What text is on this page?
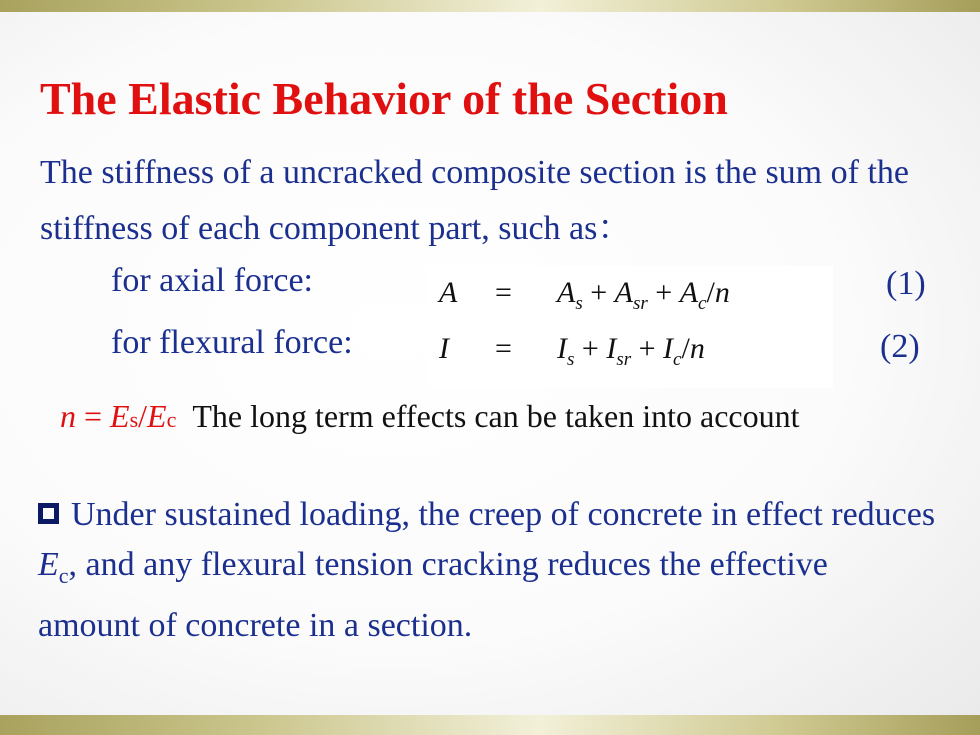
The Elastic Behavior of the Section
The stiffness of a uncracked composite section is the sum of the stiffness of each component part, such as：
for axial force:
for flexural force:
$A = A_s + A_{sr} + A_c/n$
$I = I_s + I_{sr} + I_c/n$
(1)
(2)
n = Es/Ec The long term effects can be taken into account
Under sustained loading, the creep of concrete in effect reduces $E_c$, and any flexural tension cracking reduces the effective amount of concrete in a section.
